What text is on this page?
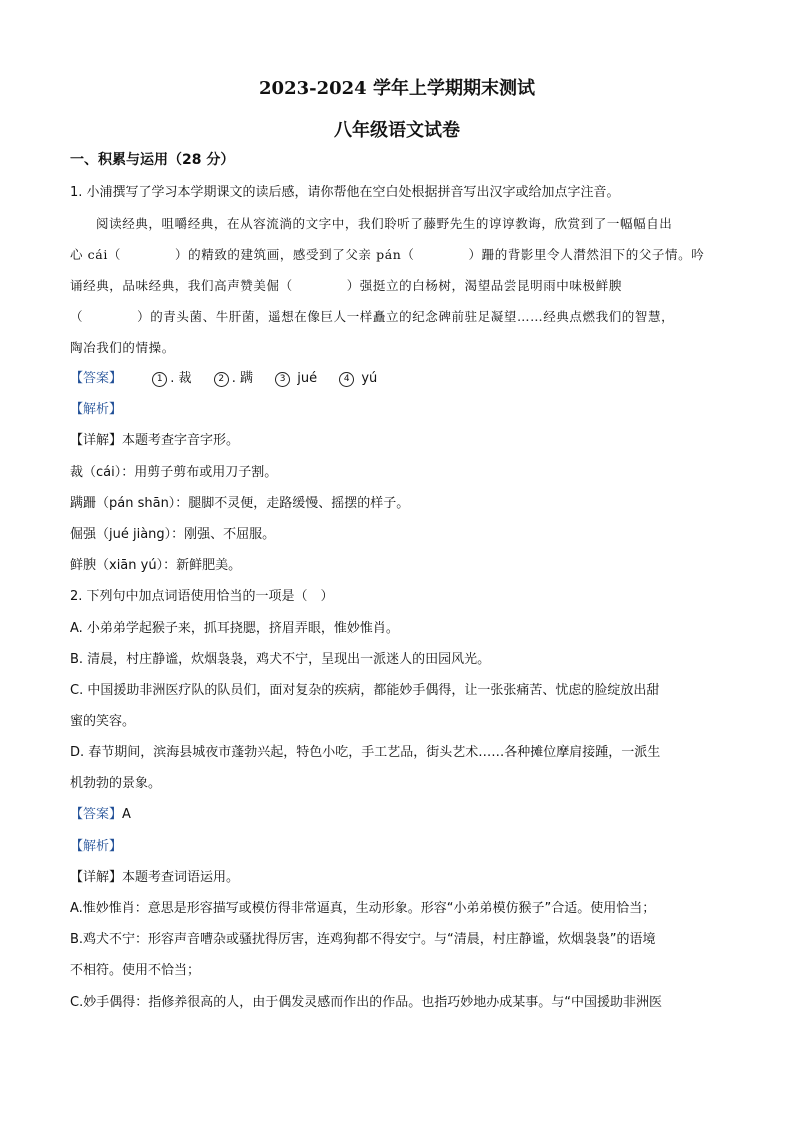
2023-2024 学年上学期期末测试
八年级语文试卷
一、积累与运用（28 分）
1. 小浦撰写了学习本学期课文的读后感，请你帮他在空白处根据拼音写出汉字或给加点字注音。
阅读经典，咀嚼经典，在从容流淌的文字中，我们聆听了藤野先生的谆谆教诲，欣赏到了一幅幅自出
心 cái（	）的精致的建筑画，感受到了父亲 pán（	）跚的背影里令人潸然泪下的父子情。吟
诵经典，品味经典，我们高声赞美倔（	）强挺立的白杨树，渴望品尝昆明雨中味极鲜腴
（	）的青头菌、牛肝菌，遥想在像巨人一样矗立的纪念碑前驻足凝望……经典点燃我们的智慧，
陶冶我们的情操。
【答案】	1 . 裁	2 . 蹒	3 jué	4 yú
【解析】
【详解】本题考查字音字形。
裁（cái）：用剪子剪布或用刀子割。
蹒跚（pán shān）：腿脚不灵便，走路缓慢、摇摆的样子。
倔强（jué jiàng）：刚强、不屈服。
鲜腴（xiān yú）：新鲜肥美。
2. 下列句中加点词语使用恰当的一项是（　）
A. 小弟弟学起猴子来，抓耳挠腮，挤眉弄眼，惟妙惟肖。
B. 清晨，村庄静谧，炊烟袅袅，鸡犬不宁，呈现出一派迷人的田园风光。
C. 中国援助非洲医疗队的队员们，面对复杂的疾病，都能妙手偶得，让一张张痛苦、忧虑的脸绽放出甜
蜜的笑容。
D. 春节期间，滨海县城夜市蓬勃兴起，特色小吃，手工艺品，街头艺术……各种摊位摩肩接踵，一派生
机勃勃的景象。
【答案】A
【解析】
【详解】本题考查词语运用。
A.惟妙惟肖：意思是形容描写或模仿得非常逼真，生动形象。形容“小弟弟模仿猴子”合适。使用恰当；
B.鸡犬不宁：形容声音嘈杂或骚扰得厉害，连鸡狗都不得安宁。与“清晨，村庄静谧，炊烟袅袅”的语境
不相符。使用不恰当；
C.妙手偶得：指修养很高的人，由于偶发灵感而作出的作品。也指巧妙地办成某事。与“中国援助非洲医
